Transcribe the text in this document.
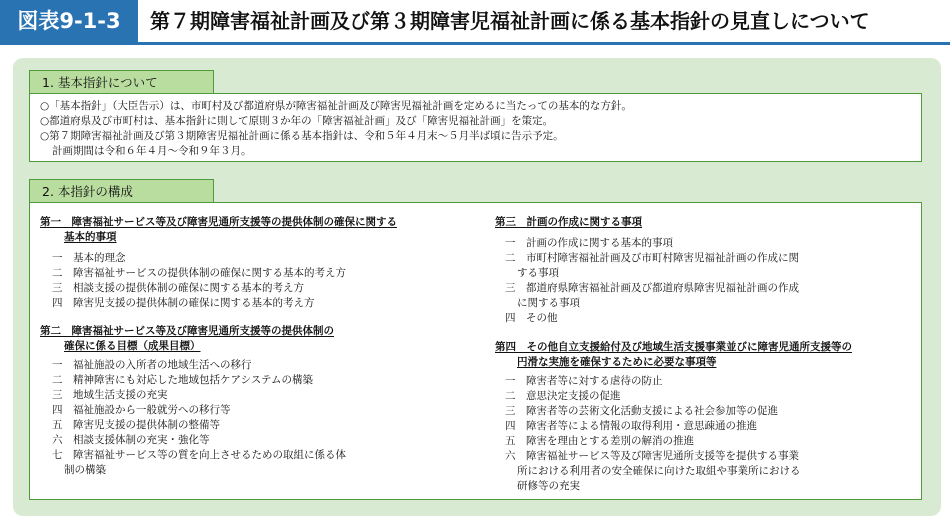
図表9-1-3	第７期障害福祉計画及び第３期障害児福祉計画に係る基本指針の見直しについて
1. 基本指針について
○「基本指針」（大臣告示）は、市町村及び都道府県が障害福祉計画及び障害児福祉計画を定めるに当たっての基本的な方針。
○都道府県及び市町村は、基本指針に則して原則３か年の「障害福祉計画」及び「障害児福祉計画」を策定。
○第７期障害福祉計画及び第３期障害児福祉計画に係る基本指針は、令和５年４月末〜５月半ば頃に告示予定。
計画期間は令和６年４月〜令和９年３月。
2. 本指針の構成
第一　障害福祉サービス等及び障害児通所支援等の提供体制の確保に関する
基本的事項
一　基本的理念
二　障害福祉サービスの提供体制の確保に関する基本的考え方
三　相談支援の提供体制の確保に関する基本的考え方
四　障害児支援の提供体制の確保に関する基本的考え方
第二　障害福祉サービス等及び障害児通所支援等の提供体制の
確保に係る目標（成果目標）
一　福祉施設の入所者の地域生活への移行
二　精神障害にも対応した地域包括ケアシステムの構築
三　地域生活支援の充実
四　福祉施設から一般就労への移行等
五　障害児支援の提供体制の整備等
六　相談支援体制の充実・強化等
七　障害福祉サービス等の質を向上させるための取組に係る体
制の構築
第三　計画の作成に関する事項
一　計画の作成に関する基本的事項
二　市町村障害福祉計画及び市町村障害児福祉計画の作成に関
する事項
三　都道府県障害福祉計画及び都道府県障害児福祉計画の作成
に関する事項
四　その他
第四　その他自立支援給付及び地域生活支援事業並びに障害児通所支援等の
円滑な実施を確保するために必要な事項等
一　障害者等に対する虐待の防止
二　意思決定支援の促進
三　障害者等の芸術文化活動支援による社会参加等の促進
四　障害者等による情報の取得利用・意思疎通の推進
五　障害を理由とする差別の解消の推進
六　障害福祉サービス等及び障害児通所支援等を提供する事業
所における利用者の安全確保に向けた取組や事業所における
研修等の充実
